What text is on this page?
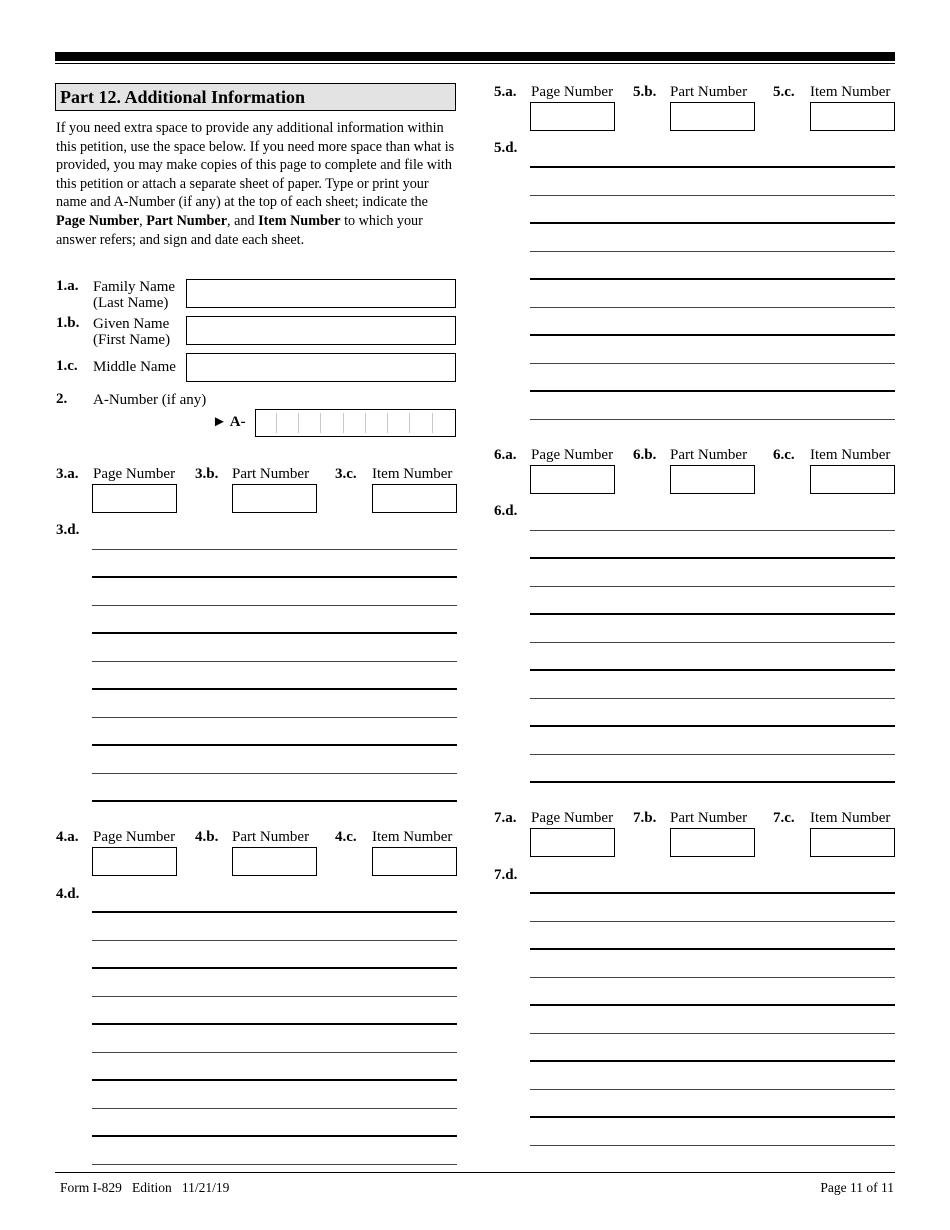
Part 12. Additional Information
If you need extra space to provide any additional information within this petition, use the space below. If you need more space than what is provided, you may make copies of this page to complete and file with this petition or attach a separate sheet of paper. Type or print your name and A-Number (if any) at the top of each sheet; indicate the Page Number, Part Number, and Item Number to which your answer refers; and sign and date each sheet.
1.a. Family Name
(Last Name)
1.b. Given Name
(First Name)
1.c. Middle Name
2. A-Number (if any)
► A-
3.a. Page Number 3.b. Part Number 3.c. Item Number
3.d.
4.a. Page Number 4.b. Part Number 4.c. Item Number
4.d.
5.a. Page Number 5.b. Part Number 5.c. Item Number
5.d.
6.a. Page Number 6.b. Part Number 6.c. Item Number
6.d.
7.a. Page Number 7.b. Part Number 7.c. Item Number
7.d.
Form I-829   Edition   11/21/19	Page 11 of 11
